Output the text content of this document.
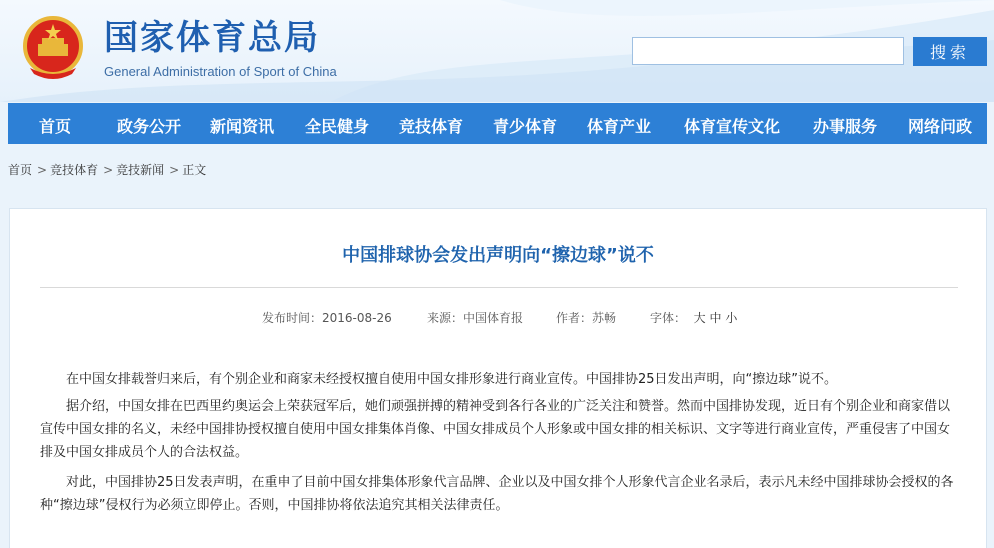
国家体育总局
General Administration of Sport of China
搜索
首页	政务公开 新闻资讯 全民健身 竞技体育 青少体育 体育产业 体育宣传文化 办事服务 网络问政
首页 > 竞技体育 > 竞技新闻 > 正文
中国排球协会发出声明向“擦边球”说不
发布时间：2016-08-26	来源：中国体育报	作者：苏畅	字体： 大 中 小
　　在中国女排载誉归来后，有个别企业和商家未经授权擅自使用中国女排形象进行商业宣传。中国排协25日发出声明，向“擦边球”说不。
　　据介绍，中国女排在巴西里约奥运会上荣获冠军后，她们顽强拼搏的精神受到各行各业的广泛关注和赞誉。然而中国排协发现，近日有个别企业和商家借以宣传中国女排的名义，未经中国排协授权擅自使用中国女排集体肖像、中国女排成员个人形象或中国女排的相关标识、文字等进行商业宣传，严重侵害了中国女排及中国女排成员个人的合法权益。
　　对此，中国排协25日发表声明，在重申了目前中国女排集体形象代言品牌、企业以及中国女排个人形象代言企业名录后，表示凡未经中国排球协会授权的各种“擦边球”侵权行为必须立即停止。否则，中国排协将依法追究其相关法律责任。
